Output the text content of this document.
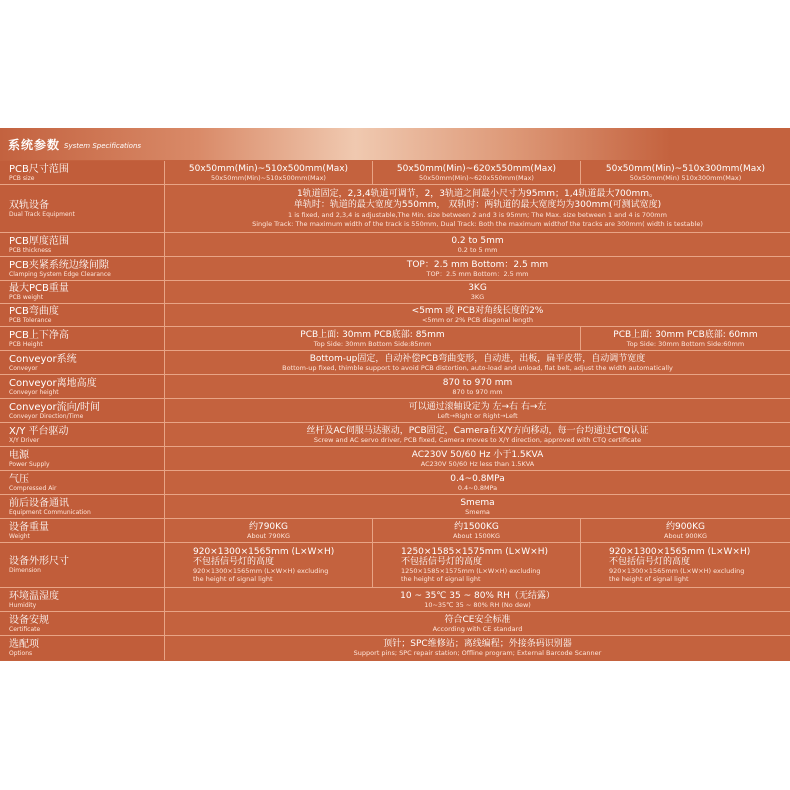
系统参数 System Specifications
PCB尺寸范围
PCB size
50x50mm(Min)~510x500mm(Max)
50x50mm(Min)~510x500mm(Max)
50x50mm(Min)~620x550mm(Max)
50x50mm(Min)~620x550mm(Max)
50x50mm(Min)~510x300mm(Max)
50x50mm(Min) 510x300mm(Max)
双轨设备
Dual Track Equipment
1轨道固定，2,3,4轨道可调节，2，3轨道之间最小尺寸为95mm；1,4轨道最大700mm。
单轨时：轨道的最大宽度为550mm， 双轨时：两轨道的最大宽度均为300mm(可测试宽度)
1 is fixed, and 2,3,4 is adjustable,The Min. size between 2 and 3 is 95mm; The Max. size between 1 and 4 is 700mm
Single Track: The maximum width of the track is 550mm, Dual Track: Both the maximum widthof the tracks are 300mm( width is testable)
PCB厚度范围
PCB thickness
0.2 to 5mm
0.2 to 5 mm
PCB夹紧系统边缘间隙
Clamping System Edge Clearance
TOP：2.5 mm Bottom：2.5 mm
TOP：2.5 mm Bottom：2.5 mm
最大PCB重量
PCB weight
3KG
3KG
PCB弯曲度
PCB Tolerance
<5mm 或 PCB对角线长度的2%
<5mm or 2% PCB diagonal length
PCB上下净高
PCB Height
PCB上面: 30mm PCB底部: 85mm
Top Side: 30mm Bottom Side:85mm
PCB上面: 30mm PCB底部: 60mm
Top Side: 30mm Bottom Side:60mm
Conveyor系统
Conveyor
Bottom-up固定，自动补偿PCB弯曲变形，自动进，出板，扁平皮带，自动调节宽度
Bottom-up fixed, thimble support to avoid PCB distortion, auto-load and unload, flat belt, adjust the width automatically
Conveyor离地高度
Conveyor height
870 to 970 mm
870 to 970 mm
Conveyor流向/时间
Conveyor Direction/Time
可以通过滚轴设定为 左→右 右→左
Left→Right or Right→Left
X/Y 平台驱动
X/Y Driver
丝杆及AC伺服马达驱动，PCB固定，Camera在X/Y方向移动，每一台均通过CTQ认证
Screw and AC servo driver, PCB fixed, Camera moves to X/Y direction, approved with CTQ certificate
电源
Power Supply
AC230V 50/60 Hz 小于1.5KVA
AC230V 50/60 Hz less than 1.5KVA
气压
Compressed Air
0.4~0.8MPa
0.4~0.8MPa
前后设备通讯
Equipment Communication
Smema
Smema
设备重量
Weight
约790KG
About 790KG
约1500KG
About 1500KG
约900KG
About 900KG
设备外形尺寸
Dimension
920×1300×1565mm (L×W×H)
不包括信号灯的高度
920×1300×1565mm (L×W×H) excluding
the height of signal light
1250×1585×1575mm (L×W×H)
不包括信号灯的高度
1250×1585×1575mm (L×W×H) excluding
the height of signal light
920×1300×1565mm (L×W×H)
不包括信号灯的高度
920×1300×1565mm (L×W×H) excluding
the height of signal light
环境温湿度
Humidity
10 ~ 35℃ 35 ~ 80% RH（无结露）
10~35℃ 35 ~ 80% RH (No dew)
设备安规
Certificate
符合CE安全标准
According with CE standard
选配项
Options
顶针；SPC维修站；离线编程；外接条码识别器
Support pins; SPC repair station; Offline program; External Barcode Scanner
